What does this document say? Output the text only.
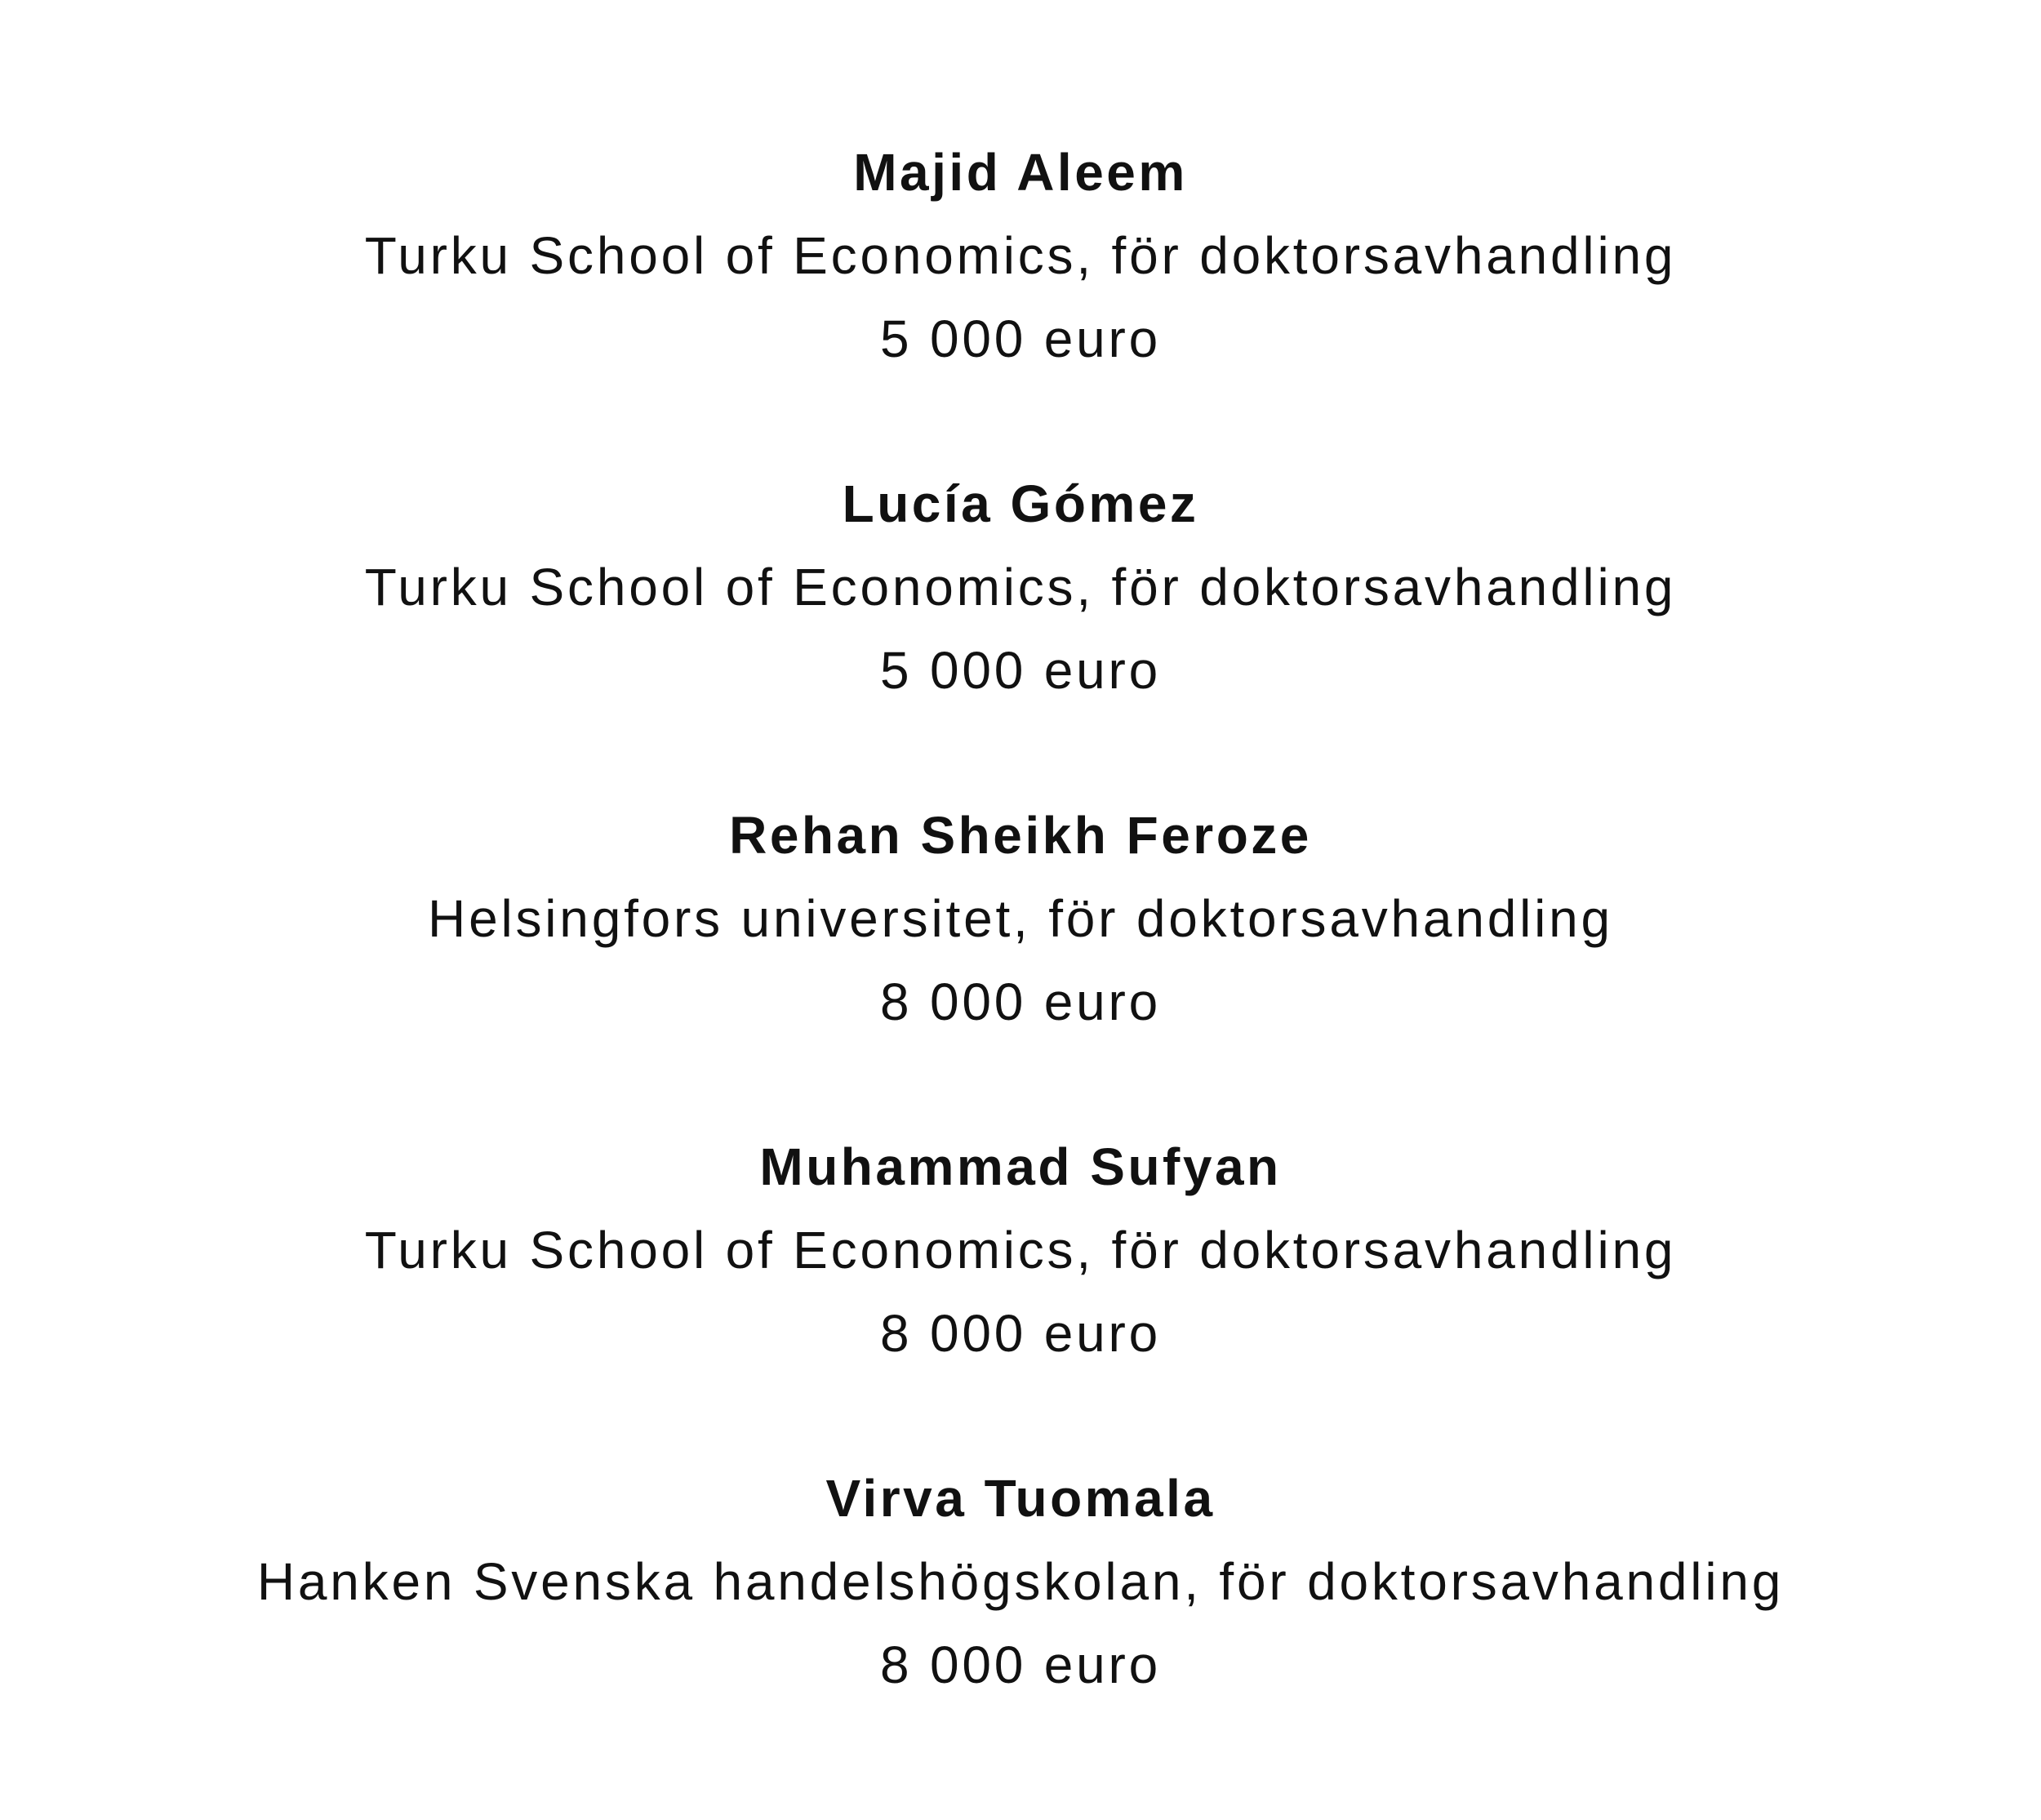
Majid Aleem
Turku School of Economics, för doktorsavhandling
5 000 euro
Lucía Gómez
Turku School of Economics, för doktorsavhandling
5 000 euro
Rehan Sheikh Feroze
Helsingfors universitet, för doktorsavhandling
8 000 euro
Muhammad Sufyan
Turku School of Economics, för doktorsavhandling
8 000 euro
Virva Tuomala
Hanken Svenska handelshögskolan, för doktorsavhandling
8 000 euro
